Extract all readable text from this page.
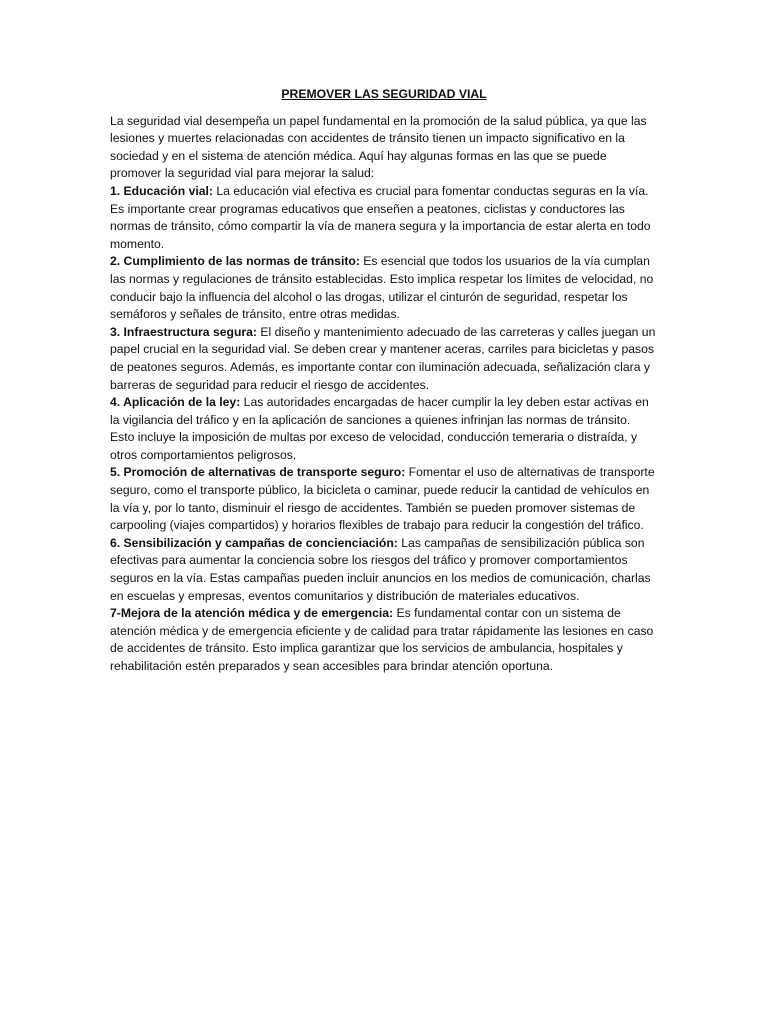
PREMOVER LAS SEGURIDAD VIAL

La seguridad vial desempeña un papel fundamental en la promoción de la salud pública, ya que las lesiones y muertes relacionadas con accidentes de tránsito tienen un impacto significativo en la sociedad y en el sistema de atención médica. Aquí hay algunas formas en las que se puede promover la seguridad vial para mejorar la salud:

1. Educación vial: La educación vial efectiva es crucial para fomentar conductas seguras en la vía. Es importante crear programas educativos que enseñen a peatones, ciclistas y conductores las normas de tránsito, cómo compartir la vía de manera segura y la importancia de estar alerta en todo momento.

2. Cumplimiento de las normas de tránsito: Es esencial que todos los usuarios de la vía cumplan las normas y regulaciones de tránsito establecidas. Esto implica respetar los límites de velocidad, no conducir bajo la influencia del alcohol o las drogas, utilizar el cinturón de seguridad, respetar los semáforos y señales de tránsito, entre otras medidas.

3. Infraestructura segura: El diseño y mantenimiento adecuado de las carreteras y calles juegan un papel crucial en la seguridad vial. Se deben crear y mantener aceras, carriles para bicicletas y pasos de peatones seguros. Además, es importante contar con iluminación adecuada, señalización clara y barreras de seguridad para reducir el riesgo de accidentes.

4. Aplicación de la ley: Las autoridades encargadas de hacer cumplir la ley deben estar activas en la vigilancia del tráfico y en la aplicación de sanciones a quienes infrinjan las normas de tránsito. Esto incluye la imposición de multas por exceso de velocidad, conducción temeraria o distraída, y otros comportamientos peligrosos.

5. Promoción de alternativas de transporte seguro: Fomentar el uso de alternativas de transporte seguro, como el transporte público, la bicicleta o caminar, puede reducir la cantidad de vehículos en la vía y, por lo tanto, disminuir el riesgo de accidentes. También se pueden promover sistemas de carpooling (viajes compartidos) y horarios flexibles de trabajo para reducir la congestión del tráfico.

6. Sensibilización y campañas de concienciación: Las campañas de sensibilización pública son efectivas para aumentar la conciencia sobre los riesgos del tráfico y promover comportamientos seguros en la vía. Estas campañas pueden incluir anuncios en los medios de comunicación, charlas en escuelas y empresas, eventos comunitarios y distribución de materiales educativos.

7-Mejora de la atención médica y de emergencia: Es fundamental contar con un sistema de atención médica y de emergencia eficiente y de calidad para tratar rápidamente las lesiones en caso de accidentes de tránsito. Esto implica garantizar que los servicios de ambulancia, hospitales y rehabilitación estén preparados y sean accesibles para brindar atención oportuna.
